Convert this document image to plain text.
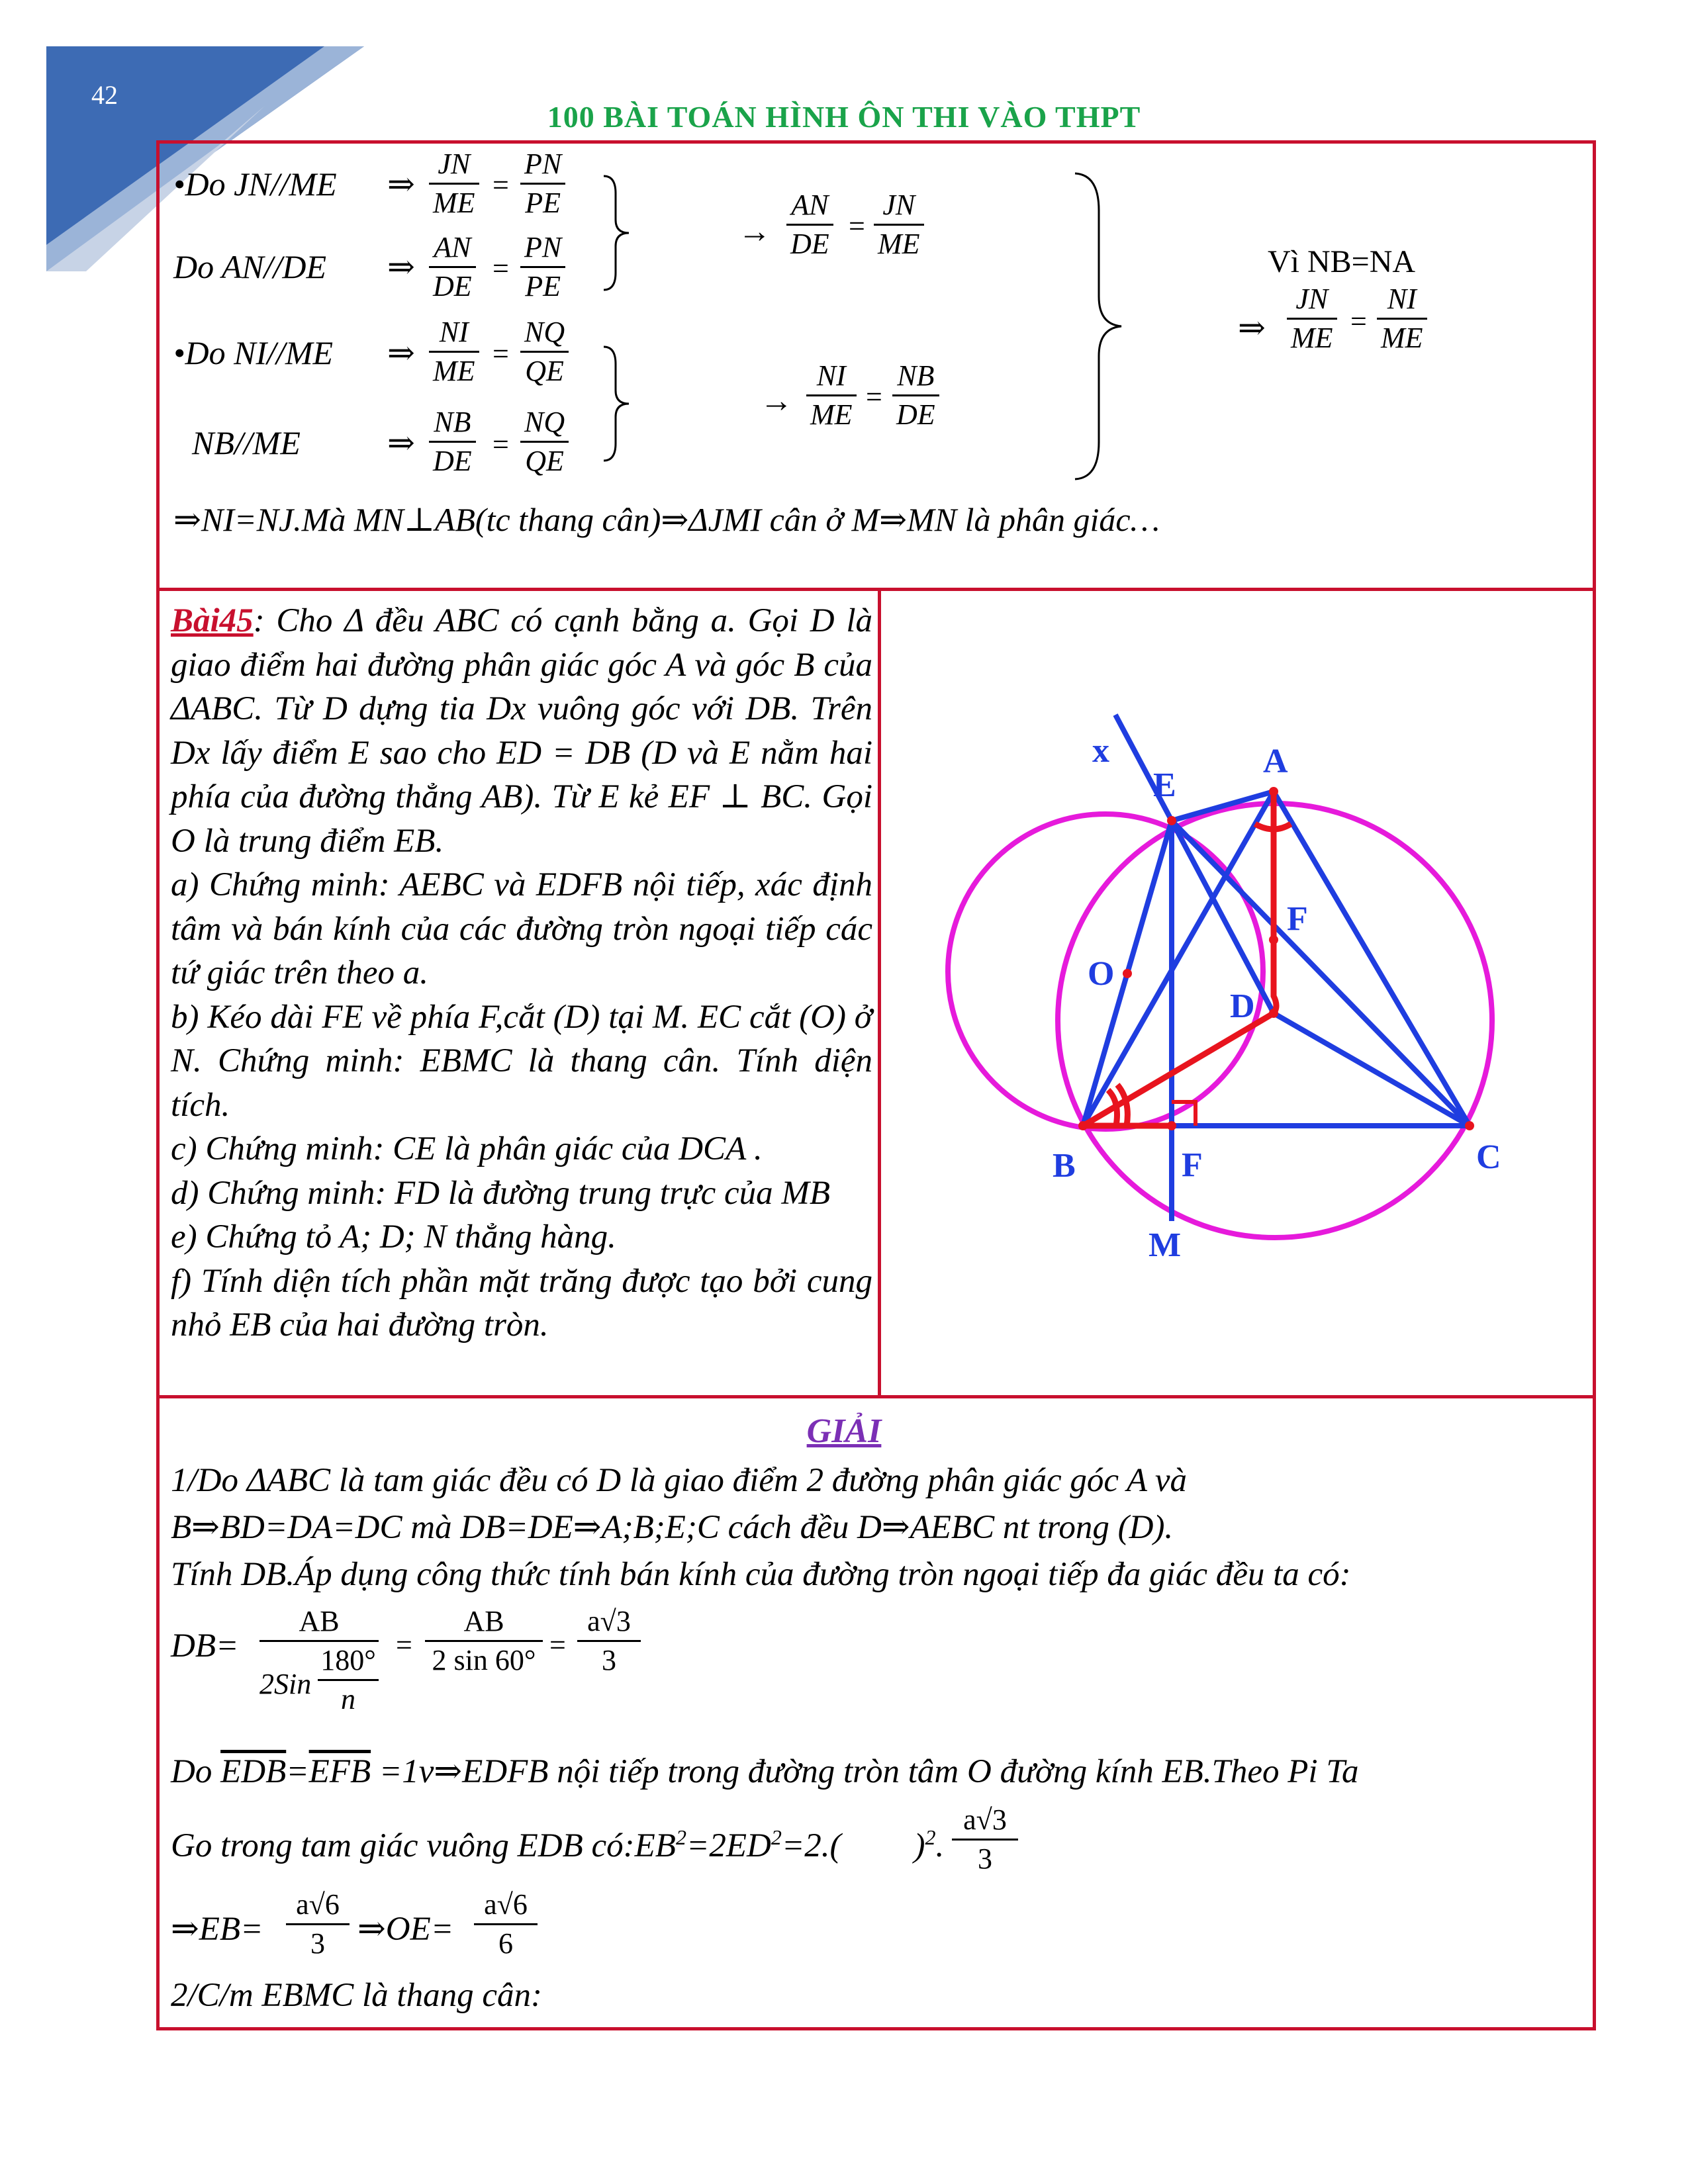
42
100 BÀI TOÁN HÌNH ÔN THI VÀO THPT
•Do JN//ME ⇒
JN
ME
=
PN
PE
Do AN//DE ⇒
AN
DE
=
PN
PE
→
AN
DE
=
JN
ME
•Do NI//ME ⇒
NI
ME
=
NQ
QE
NB//ME	⇒
NB
DE
=
NQ
QE
→
NI
ME
=
NB
DE
Vì NB=NA
⇒
JN
ME
=
NI
ME
⇒NI=NJ.Mà MN⊥AB(tc thang cân)⇒ΔJMI cân ở M⇒MN là phân giác…

Bài45: Cho Δ đều ABC có cạnh bằng a. Gọi D là giao điểm hai đường phân giác góc A và góc B của ΔABC. Từ D dựng tia Dx vuông góc với DB. Trên Dx lấy điểm E sao cho ED = DB (D và E nằm hai phía của đường thẳng AB). Từ E kẻ EF ⊥ BC. Gọi O là trung điểm EB.

a) Chứng minh: AEBC và EDFB nội tiếp, xác định tâm và bán kính của các đường tròn ngoại tiếp các tứ giác trên theo a.

b) Kéo dài FE về phía F,cắt (D) tại M. EC cắt (O) ở N. Chứng minh: EBMC là thang cân. Tính diện tích.

c) Chứng minh: CE là phân giác của DCA .

d) Chứng minh: FD là đường trung trực của MB

e) Chứng tỏ A; D; N thẳng hàng.

f) Tính diện tích phần mặt trăng được tạo bởi cung nhỏ EB của hai đường tròn.

x
E
A
F
O
D
B	F	C
M
GIẢI
1/Do ΔABC là tam giác đều có D là giao điểm 2 đường phân giác góc A và
B⇒BD=DA=DC mà DB=DE⇒A;B;E;C cách đều D⇒AEBC nt trong (D).
Tính DB.Áp dụng công thức tính bán kính của đường tròn ngoại tiếp đa giác đều ta có:
DB=
AB
2Sin
180°
n
=
AB
2 sin 60° =
a√3
3
Do $\overline{EDB}=\overline{EFB}$ =1v⇒EDFB nội tiếp trong đường tròn tâm O đường kính EB.Theo Pi Ta
Go trong tam giác vuông EDB $có:EB^2=2ED^2=2$.( )$^2$.
a√3
3
⇒EB=
a√6
3 ⇒OE=
a√6
6
2/C/m EBMC là thang cân:
